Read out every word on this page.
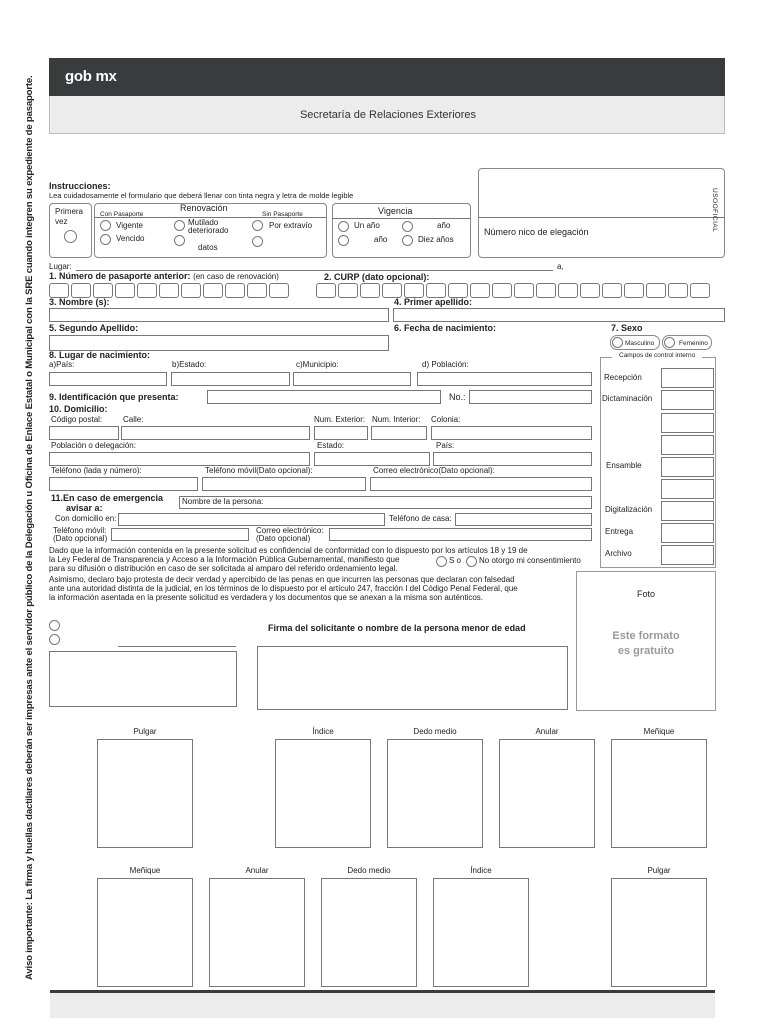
gob mx
Secretaría de Relaciones Exteriores
Aviso importante: La firma y huellas dactilares deberán ser impresas ante el servidor público de la Delegación u Oficina de Enlace Estatal o Municipal con la SRE cuando integren su expediente de pasaporte. Instrucciones:
Lea cuidadosamente el formulario que deberá llenar con tinta negra y letra de molde legible
Primera
vez
Renovación
Con Pasaporte	Sin Pasaporte
Vigente	Mutilado
deteriorado
Por extravío
Vencido
datos
Vigencia
Un año	año
año	Diez años
Número nico de elegación	USOOFICIAL
Lugar:	a,
1. Número de pasaporte anterior: (en caso de renovación)	2. CURP (dato opcional):
3. Nombre (s):	4. Primer apellido:
5. Segundo Apellido:	6. Fecha de nacimiento:	7. Sexo
Masculino	Femenino
8. Lugar de nacimiento:
a)País:	b)Estado:	c)Municipio:	d) Población:
9. Identificación que presenta:	No.:
10. Domicilio:
Código postal:	Calle:	Num. Exterior: Num. Interior: Colonia:
Población o delegación:	Estado:	País:
Teléfono (lada y número):	Teléfono móvil(Dato opcional):	Correo electrónico(Dato opcional):
11.En caso de emergencia
avisar a:
Nombre de la persona:
Con domicilio en:	Teléfono de casa:
Teléfono móvil:
(Dato opcional)
Correo electrónico:
(Dato opcional)
Campos de control interno
Recepción
Dictaminación
Ensamble
Digitalización
Entrega
Archivo
Dado que la información contenida en la presente solicitud es confidencial de conformidad con lo dispuesto por los artículos 18 y 19 de
la Ley Federal de Transparencia y Acceso a la Información Pública Gubernamental, manifiesto que	S o No otorgo mi consentimiento
para su difusión o distribución en caso de ser solicitada al amparo del referido ordenamiento legal.
Asimismo, declaro bajo protesta de decir verdad y apercibido de las penas en que incurren las personas que declaran con falsedad
ante una autoridad distinta de la judicial, en los términos de lo dispuesto por el artículo 247, fracción I del Código Penal Federal, que
la información asentada en la presente solicitud es verdadera y los documentos que se anexan a la misma son auténticos.	Foto
Este formato
es gratuito
Firma del solicitante o nombre de la persona menor de edad
Pulgar	Índice	Dedo medio	Anular	Meñique
Meñique	Anular	Dedo medio	Índice	Pulgar
